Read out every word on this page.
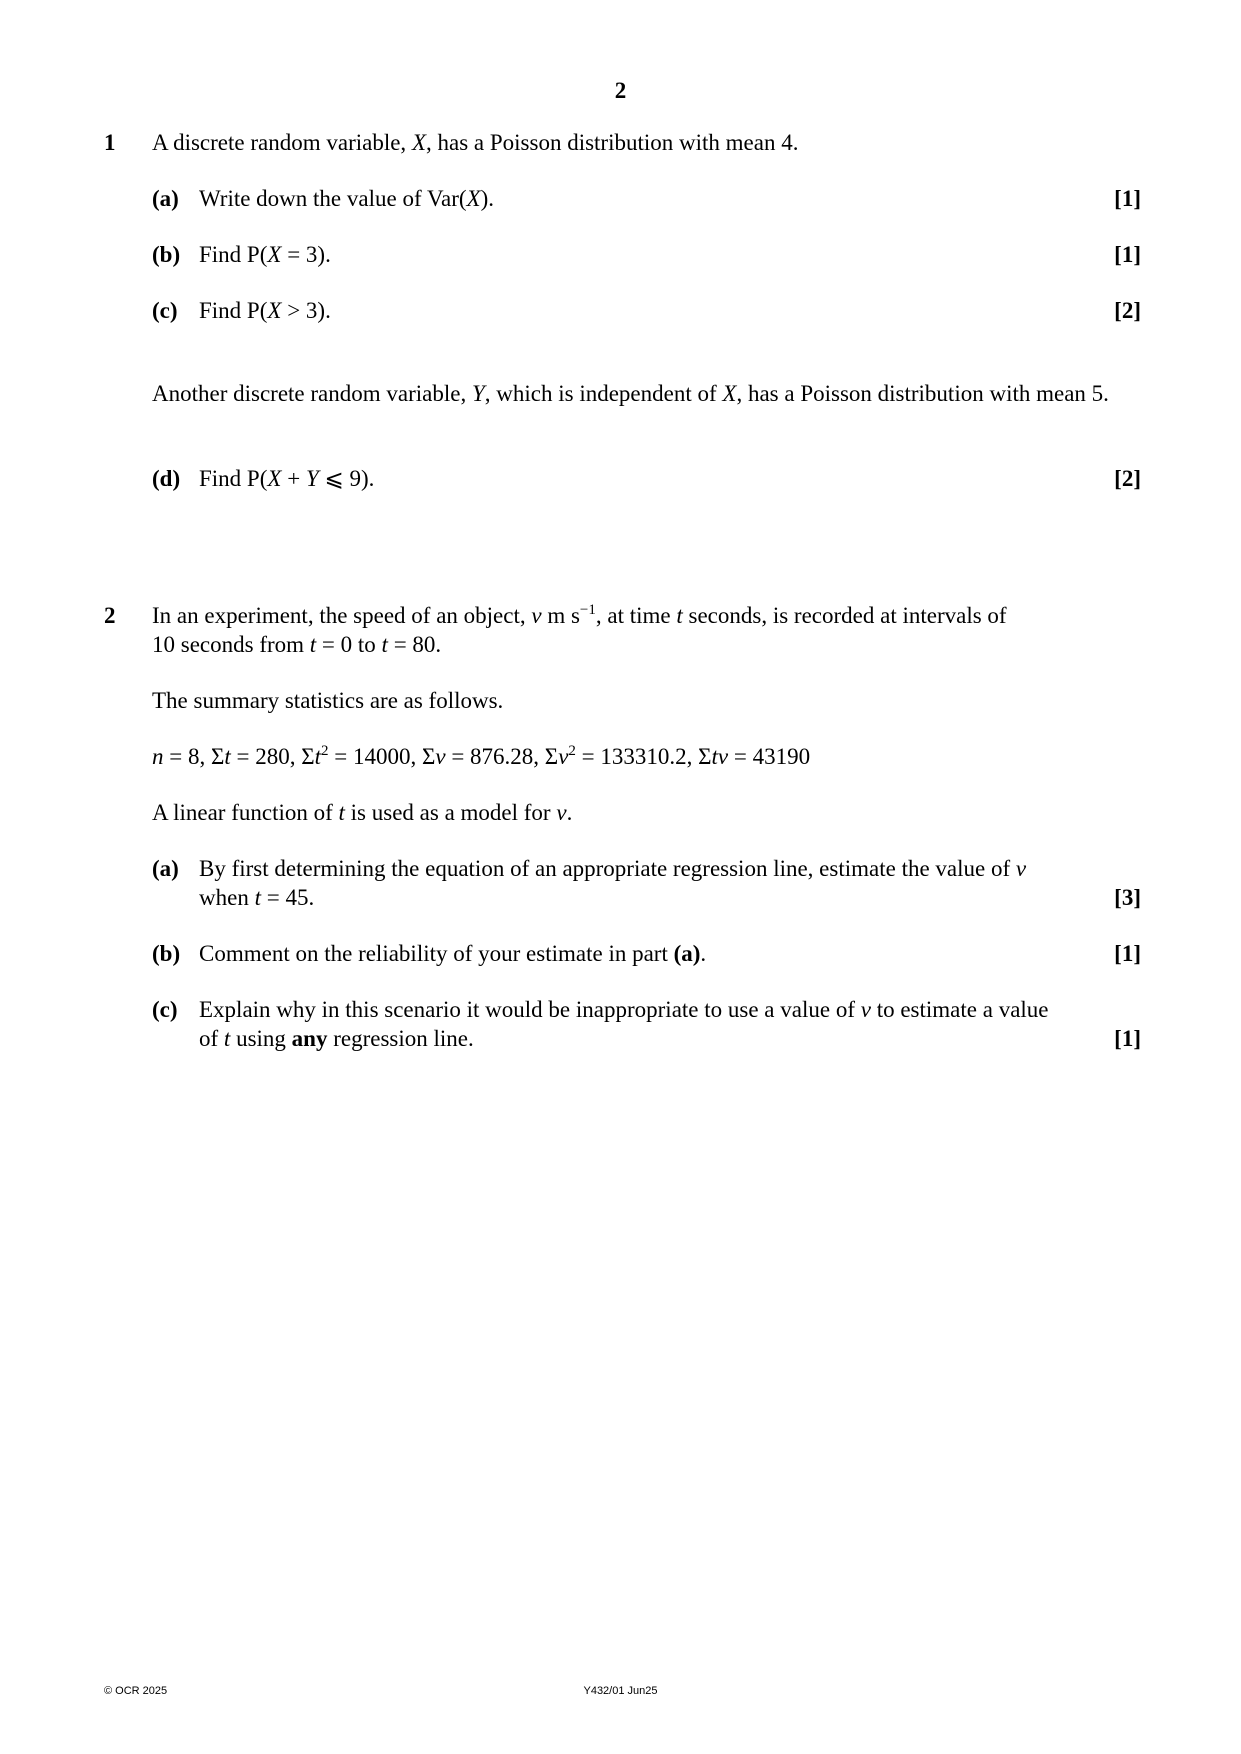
2
1 A discrete random variable, X, has a Poisson distribution with mean 4.
(a) Write down the value of Var(X).	[1]
(b) Find P(X = 3).	[1]
(c) Find P(X > 3).	[2]
Another discrete random variable, Y, which is independent of X, has a Poisson distribution with mean 5.
(d) Find P(X + Y ⩽ 9).	[2]
2 In an experiment, the speed of an object, v m $s^{-1}$, at time t seconds, is recorded at intervals of
10 seconds from t = 0 to t = 80.
The summary statistics are as follows.
n = 8, Σt = 280, $\Sigma t^2 = 14000$, Σv = 876.28, $\Sigma v^2 = 133310.2$, Σtv = 43190
A linear function of t is used as a model for v.
(a) By first determining the equation of an appropriate regression line, estimate the value of v
when t = 45.	[3]
(b) Comment on the reliability of your estimate in part (a).	[1]
(c) Explain why in this scenario it would be inappropriate to use a value of v to estimate a value
of t using any regression line.	[1]
© OCR 2025	Y432/01 Jun25
